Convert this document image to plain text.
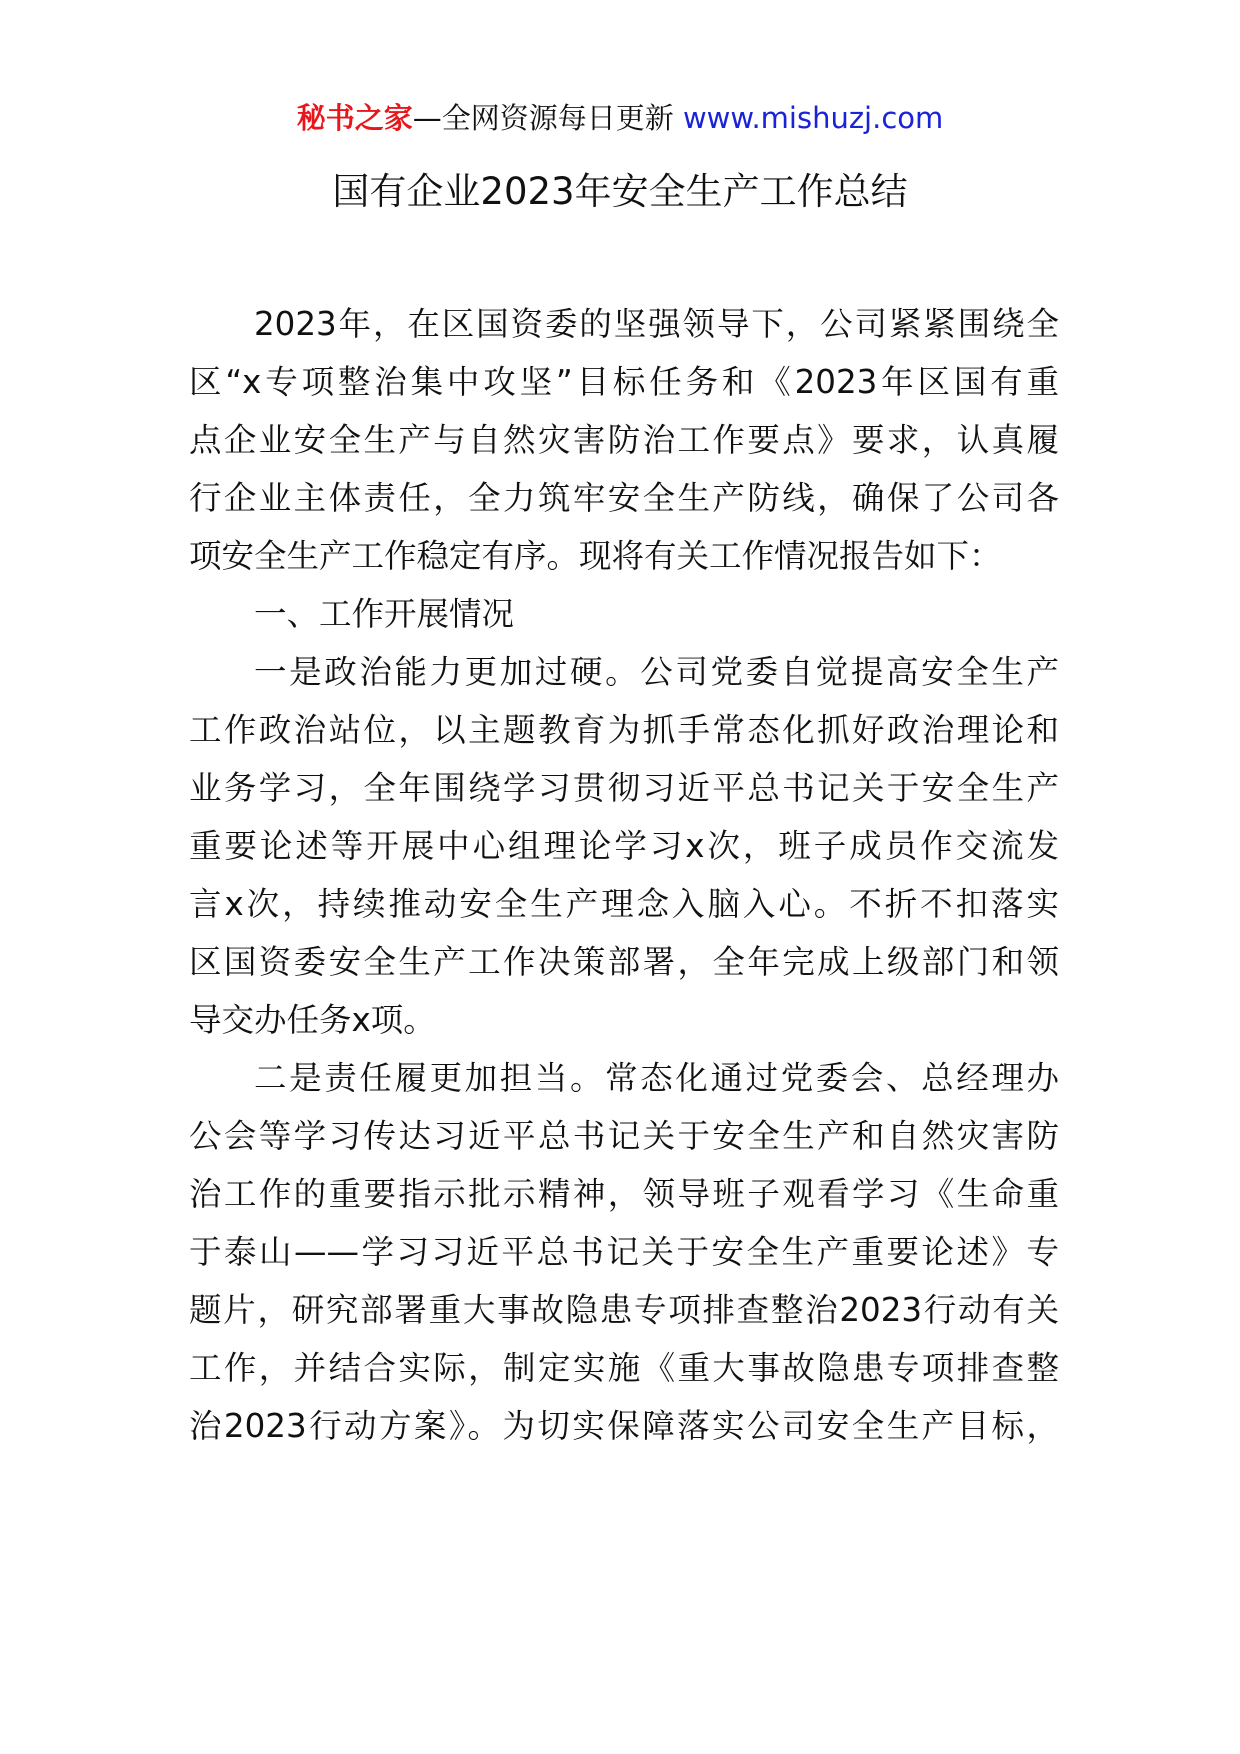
秘书之家—全网资源每日更新 www.mishuzj.com
国有企业2023年安全生产工作总结
2023年，在区国资委的坚强领导下，公司紧紧围绕全
区“x专项整治集中攻坚”目标任务和《2023年区国有重
点企业安全生产与自然灾害防治工作要点》要求，认真履
行企业主体责任，全力筑牢安全生产防线，确保了公司各
项安全生产工作稳定有序。现将有关工作情况报告如下：
一、工作开展情况
一是政治能力更加过硬。公司党委自觉提高安全生产
工作政治站位，以主题教育为抓手常态化抓好政治理论和
业务学习，全年围绕学习贯彻习近平总书记关于安全生产
重要论述等开展中心组理论学习x次，班子成员作交流发
言x次，持续推动安全生产理念入脑入心。不折不扣落实
区国资委安全生产工作决策部署，全年完成上级部门和领
导交办任务x项。
二是责任履更加担当。常态化通过党委会、总经理办
公会等学习传达习近平总书记关于安全生产和自然灾害防
治工作的重要指示批示精神，领导班子观看学习《生命重
于泰山——学习习近平总书记关于安全生产重要论述》专
题片，研究部署重大事故隐患专项排查整治2023行动有关
工作，并结合实际，制定实施《重大事故隐患专项排查整
治2023行动方案》。为切实保障落实公司安全生产目标，
